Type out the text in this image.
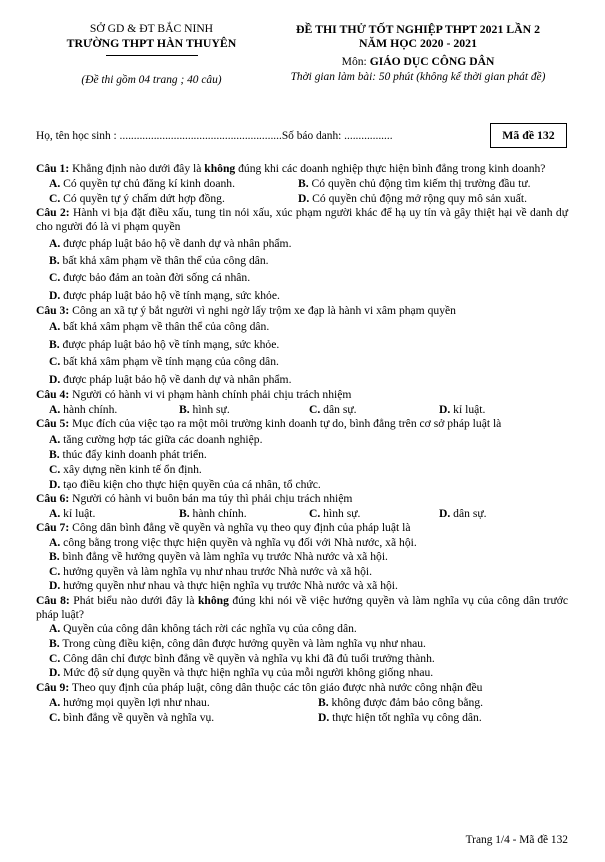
SỞ GD & ĐT BẮC NINH
TRƯỜNG THPT HÀN THUYÊN
(Đề thi gồm 04 trang ; 40 câu)
ĐỀ THI THỬ TỐT NGHIỆP THPT 2021 LẦN 2
NĂM HỌC 2020 - 2021
Môn: GIÁO DỤC CÔNG DÂN
Thời gian làm bài: 50 phút (không kể thời gian phát đề)
Họ, tên học sinh : .........................................................Số báo danh: .................	Mã đề 132
Câu 1: Khẳng định nào dưới đây là không đúng khi các doanh nghiệp thực hiện bình đẳng trong kinh doanh?
A. Có quyền tự chủ đăng kí kinh doanh.	B. Có quyền chủ động tìm kiếm thị trường đầu tư.
C. Có quyền tự ý chấm dứt hợp đồng.	D. Có quyền chủ động mở rộng quy mô sản xuất.
Câu 2: Hành vi bịa đặt điều xấu, tung tin nói xấu, xúc phạm người khác để hạ uy tín và gây thiệt hại về danh dự cho người đó là vi phạm quyền
A. được pháp luật bảo hộ về danh dự và nhân phẩm.
B. bất khả xâm phạm về thân thể của công dân.
C. được bảo đảm an toàn đời sống cá nhân.
D. được pháp luật bảo hộ về tính mạng, sức khỏe.
Câu 3: Công an xã tự ý bắt người vì nghi ngờ lấy trộm xe đạp là hành vi xâm phạm quyền
A. bất khả xâm phạm về thân thể của công dân.
B. được pháp luật bảo hộ về tính mạng, sức khỏe.
C. bất khả xâm phạm về tính mạng của công dân.
D. được pháp luật bảo hộ về danh dự và nhân phẩm.
Câu 4: Người có hành vi vi phạm hành chính phải chịu trách nhiệm
A. hành chính.	B. hình sự.	C. dân sự.	D. kỉ luật.
Câu 5: Mục đích của việc tạo ra một môi trường kinh doanh tự do, bình đẳng trên cơ sở pháp luật là
A. tăng cường hợp tác giữa các doanh nghiệp.
B. thúc đẩy kinh doanh phát triển.
C. xây dựng nền kinh tế ổn định.
D. tạo điều kiện cho thực hiện quyền của cá nhân, tổ chức.
Câu 6: Người có hành vi buôn bán ma túy thì phải chịu trách nhiệm
A. kỉ luật.	B. hành chính.	C. hình sự.	D. dân sự.
Câu 7: Công dân bình đẳng về quyền và nghĩa vụ theo quy định của pháp luật là
A. công bằng trong việc thực hiện quyền và nghĩa vụ đối với Nhà nước, xã hội.
B. bình đẳng về hưởng quyền và làm nghĩa vụ trước Nhà nước và xã hội.
C. hưởng quyền và làm nghĩa vụ như nhau trước Nhà nước và xã hội.
D. hưởng quyền như nhau và thực hiện nghĩa vụ trước Nhà nước và xã hội.
Câu 8: Phát biểu nào dưới đây là không đúng khi nói về việc hưởng quyền và làm nghĩa vụ của công dân trước pháp luật?
A. Quyền của công dân không tách rời các nghĩa vụ của công dân.
B. Trong cùng điều kiện, công dân được hưởng quyền và làm nghĩa vụ như nhau.
C. Công dân chỉ được bình đẳng về quyền và nghĩa vụ khi đã đủ tuổi trưởng thành.
D. Mức độ sử dụng quyền và thực hiện nghĩa vụ của mỗi người không giống nhau.
Câu 9: Theo quy định của pháp luật, công dân thuộc các tôn giáo được nhà nước công nhận đều
A. hưởng mọi quyền lợi như nhau.	B. không được đảm bảo công bằng.
C. bình đẳng về quyền và nghĩa vụ.	D. thực hiện tốt nghĩa vụ công dân.
Trang 1/4 - Mã đề 132
